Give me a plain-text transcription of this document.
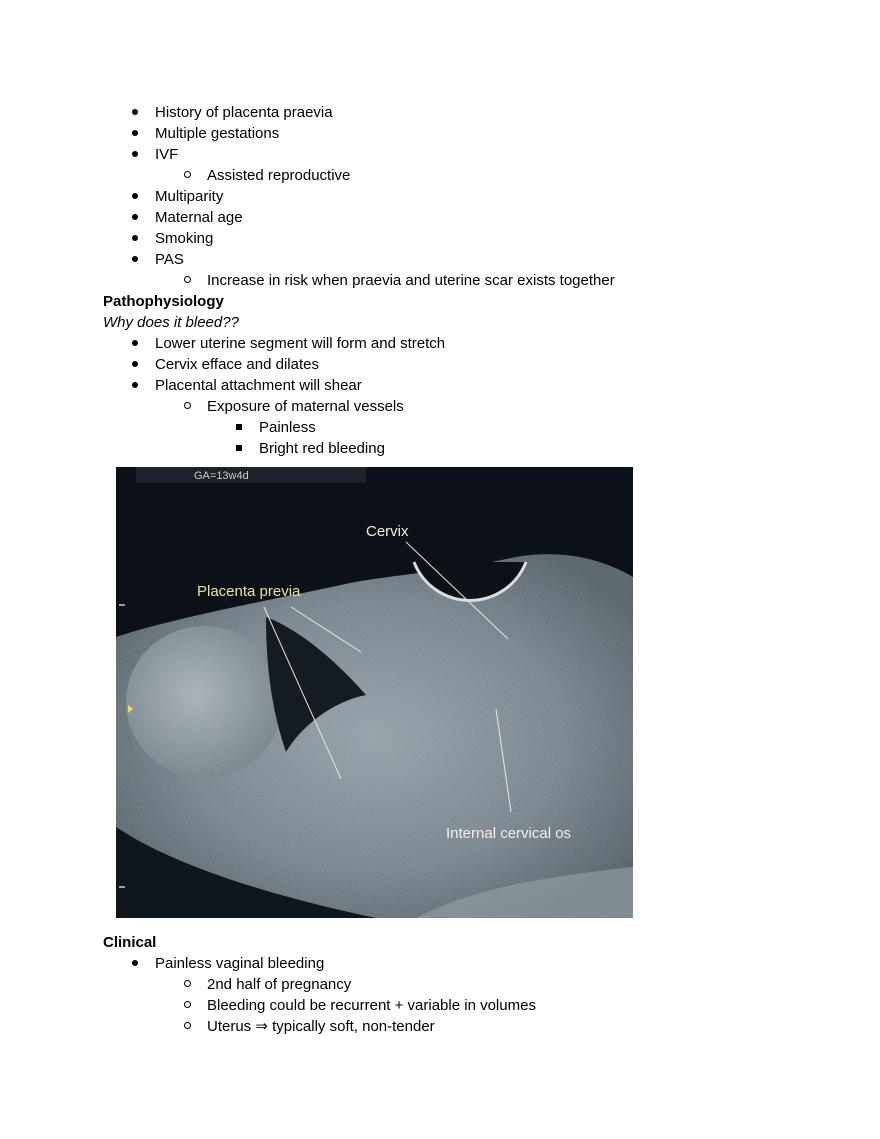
History of placenta praevia
Multiple gestations
IVF
Assisted reproductive
Multiparity
Maternal age
Smoking
PAS
Increase in risk when praevia and uterine scar exists together
Pathophysiology
Why does it bleed??
Lower uterine segment will form and stretch
Cervix efface and dilates
Placental attachment will shear
Exposure of maternal vessels
Painless
Bright red bleeding
GA=13w4d
Cervix
Placenta previa
Internal cervical os
Clinical
Painless vaginal bleeding
2nd half of pregnancy
Bleeding could be recurrent + variable in volumes
Uterus ⇒ typically soft, non-tender
